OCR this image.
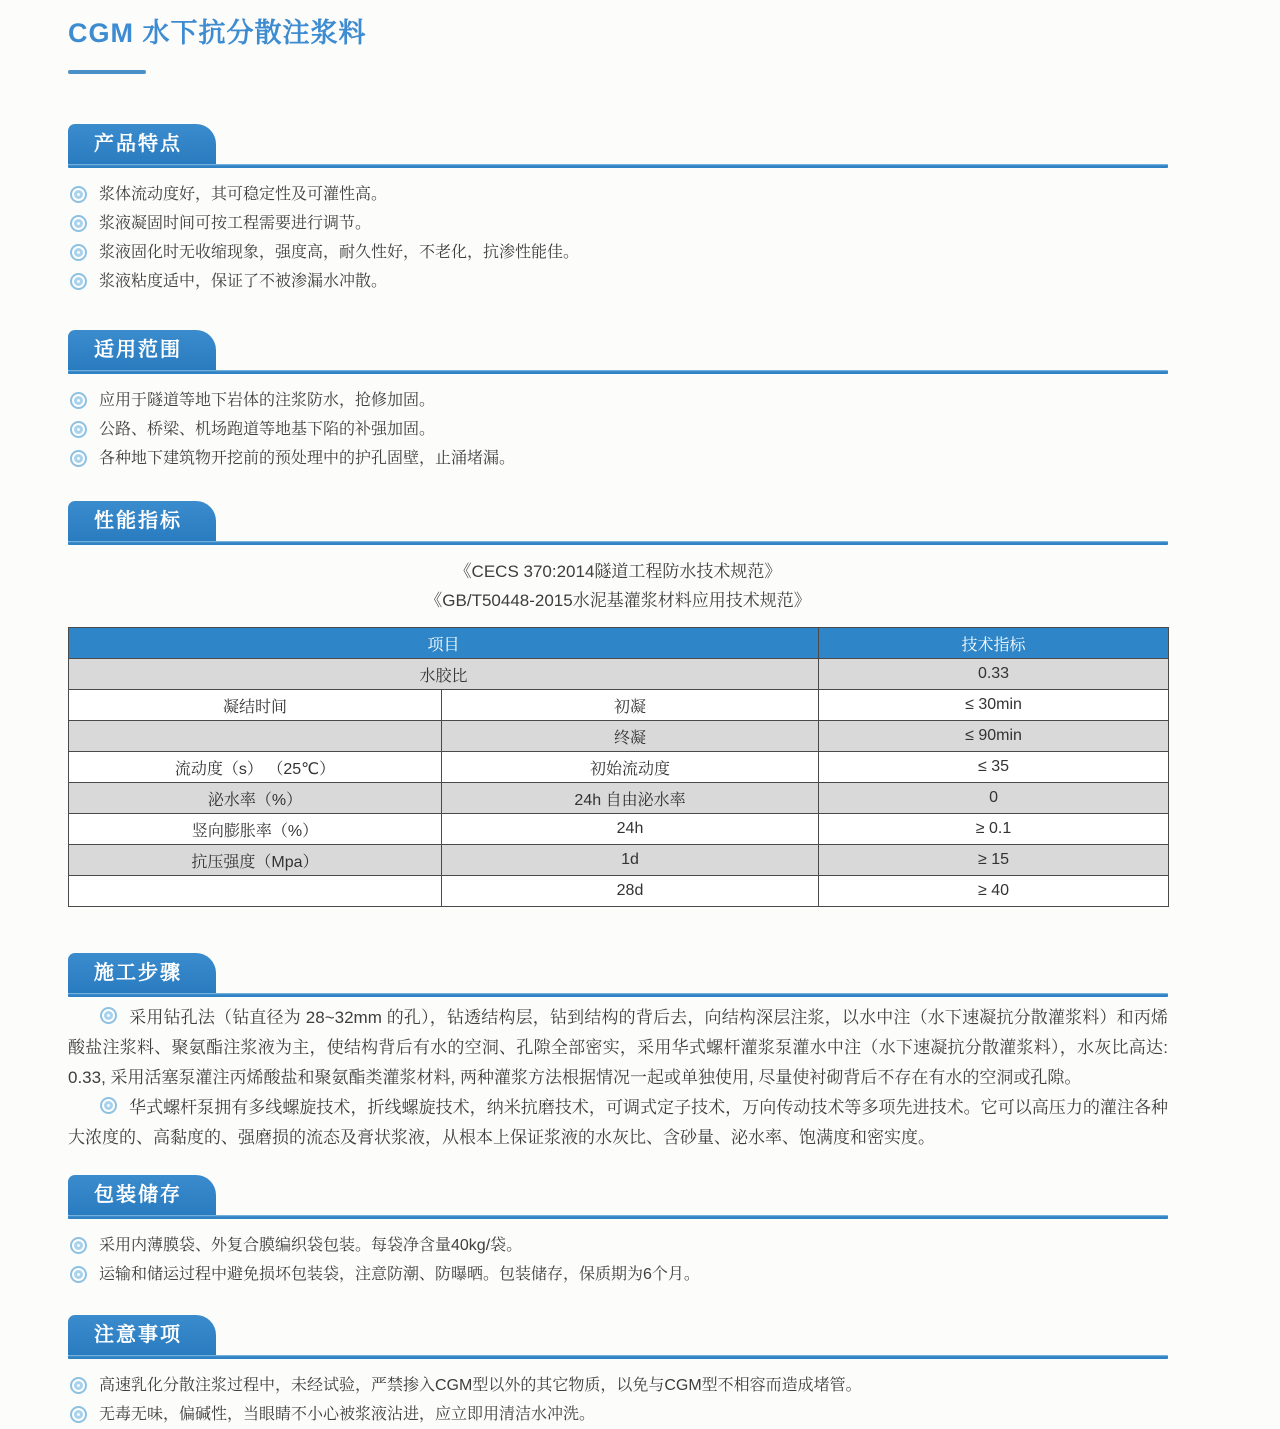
CGM 水下抗分散注浆料
产品特点
浆体流动度好，其可稳定性及可灌性高。
浆液凝固时间可按工程需要进行调节。
浆液固化时无收缩现象，强度高，耐久性好，不老化，抗渗性能佳。
浆液粘度适中，保证了不被渗漏水冲散。
适用范围
应用于隧道等地下岩体的注浆防水，抢修加固。
公路、桥梁、机场跑道等地基下陷的补强加固。
各种地下建筑物开挖前的预处理中的护孔固壁，止涌堵漏。
性能指标
《CECS 370:2014隧道工程防水技术规范》
《GB/T50448-2015水泥基灌浆材料应用技术规范》
项目		技术指标
水胶比		0.33
凝结时间	初凝	≤ 30min
	终凝	≤ 90min
流动度（s） （25℃）	初始流动度	≤ 35
泌水率（%）	24h 自由泌水率	0
竖向膨胀率（%）	24h	≥ 0.1
抗压强度（Mpa）	1d	≥ 15
	28d	≥ 40
施工步骤

采用钻孔法（钻直径为 28~32mm 的孔），钻透结构层，钻到结构的背后去，向结构深层注浆，以水中注（水下速凝抗分散灌浆料）和丙烯酸盐注浆料、聚氨酯注浆液为主，使结构背后有水的空洞、孔隙全部密实，采用华式螺杆灌浆泵灌水中注（水下速凝抗分散灌浆料），水灰比高达: 0.33, 采用活塞泵灌注丙烯酸盐和聚氨酯类灌浆材料, 两种灌浆方法根据情况一起或单独使用, 尽量使衬砌背后不存在有水的空洞或孔隙。

华式螺杆泵拥有多线螺旋技术，折线螺旋技术，纳米抗磨技术，可调式定子技术，万向传动技术等多项先进技术。它可以高压力的灌注各种大浓度的、高黏度的、强磨损的流态及膏状浆液，从根本上保证浆液的水灰比、含砂量、泌水率、饱满度和密实度。

包装储存
采用内薄膜袋、外复合膜编织袋包装。每袋净含量40kg/袋。
运输和储运过程中避免损坏包装袋，注意防潮、防曝晒。包装储存，保质期为6个月。
注意事项
高速乳化分散注浆过程中，未经试验，严禁掺入CGM型以外的其它物质，以免与CGM型不相容而造成堵管。
无毒无味，偏碱性，当眼睛不小心被浆液沾进，应立即用清洁水冲洗。
